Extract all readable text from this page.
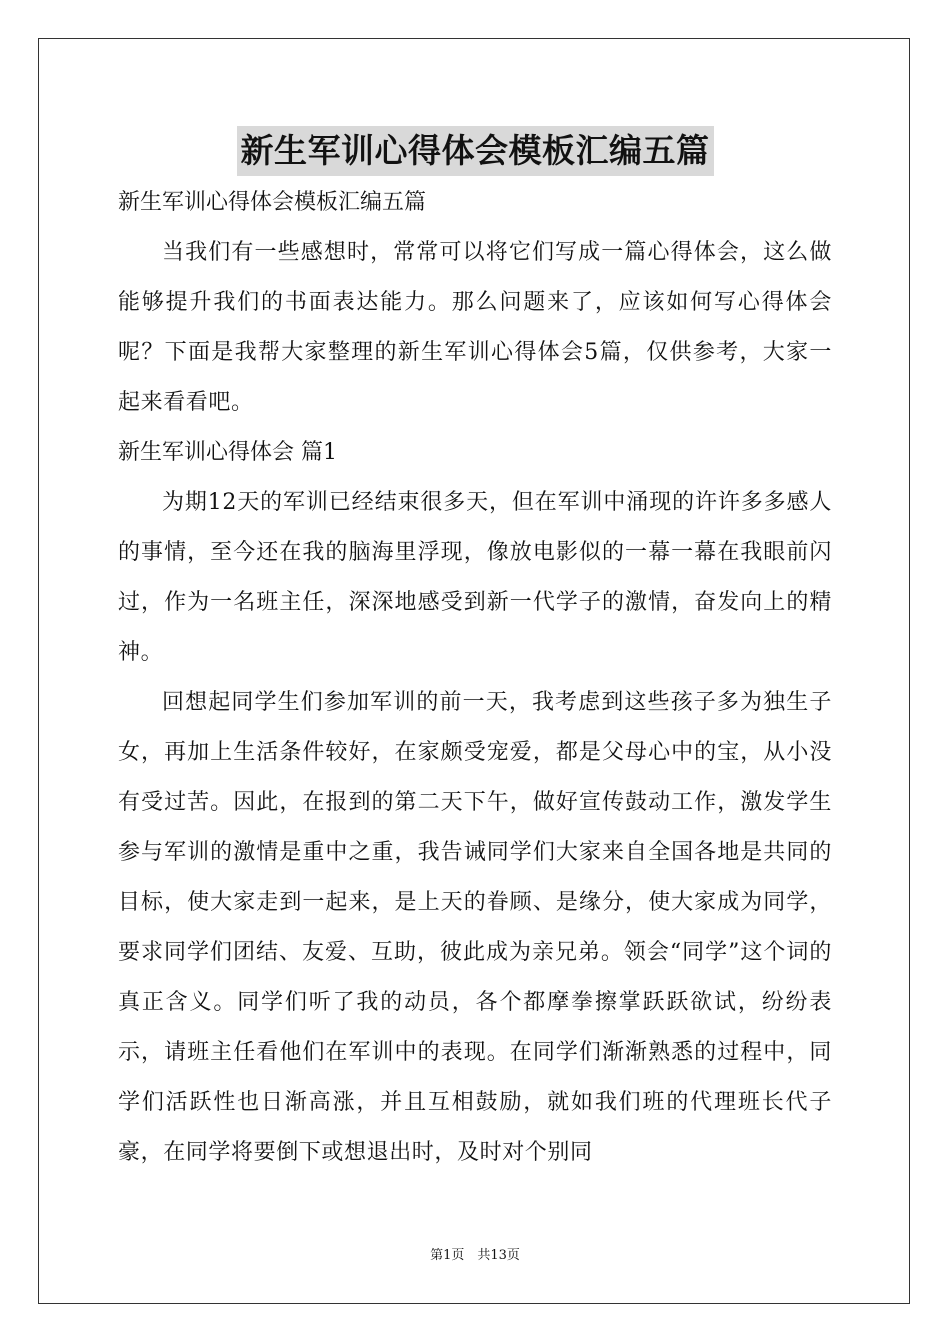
新生军训心得体会模板汇编五篇

新生军训心得体会模板汇编五篇

当我们有一些感想时，常常可以将它们写成一篇心得体会，这么做能够提升我们的书面表达能力。那么问题来了，应该如何写心得体会呢？下面是我帮大家整理的新生军训心得体会5篇，仅供参考，大家一起来看看吧。

新生军训心得体会 篇1

为期12天的军训已经结束很多天，但在军训中涌现的许许多多感人的事情，至今还在我的脑海里浮现，像放电影似的一幕一幕在我眼前闪过，作为一名班主任，深深地感受到新一代学子的激情，奋发向上的精神。

回想起同学生们参加军训的前一天，我考虑到这些孩子多为独生子女，再加上生活条件较好，在家颇受宠爱，都是父母心中的宝，从小没有受过苦。因此，在报到的第二天下午，做好宣传鼓动工作，激发学生参与军训的激情是重中之重，我告诫同学们大家来自全国各地是共同的目标，使大家走到一起来，是上天的眷顾、是缘分，使大家成为同学，要求同学们团结、友爱、互助，彼此成为亲兄弟。领会“同学”这个词的真正含义。同学们听了我的动员，各个都摩拳擦掌跃跃欲试，纷纷表示，请班主任看他们在军训中的表现。在同学们渐渐熟悉的过程中，同学们活跃性也日渐高涨，并且互相鼓励，就如我们班的代理班长代子豪，在同学将要倒下或想退出时，及时对个别同

第1页　共13页
